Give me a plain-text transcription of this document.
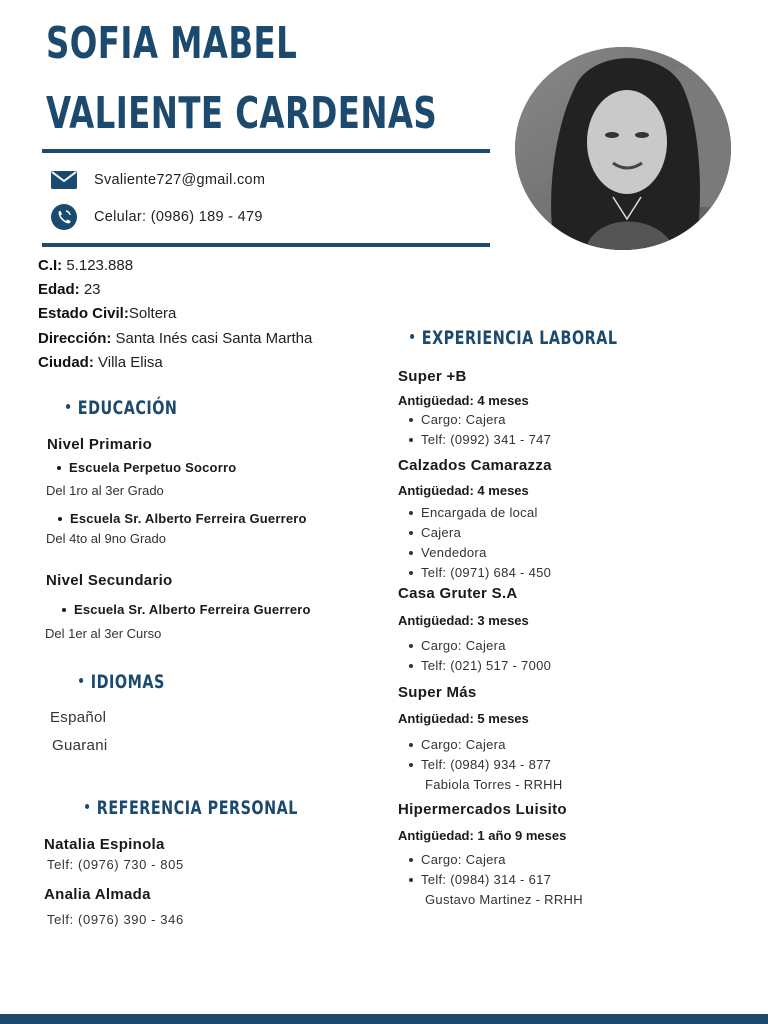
SOFIA MABEL
VALIENTE CARDENAS
Svaliente727@gmail.com
Celular: (0986) 189 - 479
C.I: 5.123.888
Edad: 23
Estado Civil:Soltera
Dirección: Santa Inés casi Santa Martha
Ciudad: Villa Elisa
EDUCACIÓN
Nivel Primario
Escuela Perpetuo Socorro
Del 1ro al 3er Grado
Escuela Sr. Alberto Ferreira Guerrero
Del 4to al 9no Grado
Nivel Secundario
Escuela Sr. Alberto Ferreira Guerrero
Del 1er al 3er Curso
IDIOMAS
Español
Guarani
REFERENCIA PERSONAL
Natalia Espinola
Telf: (0976) 730 - 805
Analia Almada
Telf: (0976) 390 - 346
EXPERIENCIA LABORAL
Super +B
Antigüedad: 4 meses
Cargo: Cajera
Telf: (0992) 341 - 747
Calzados Camarazza
Antigüedad: 4 meses
Encargada de local
Cajera
Vendedora
Telf: (0971) 684 - 450
Casa Gruter S.A
Antigüedad: 3 meses
Cargo: Cajera
Telf: (021) 517 - 7000
Super Más
Antigüedad: 5 meses
Cargo: Cajera
Telf: (0984) 934 - 877
Fabiola Torres - RRHH
Hipermercados Luisito
Antigüedad: 1 año 9 meses
Cargo: Cajera
Telf: (0984) 314 - 617
Gustavo Martinez - RRHH
